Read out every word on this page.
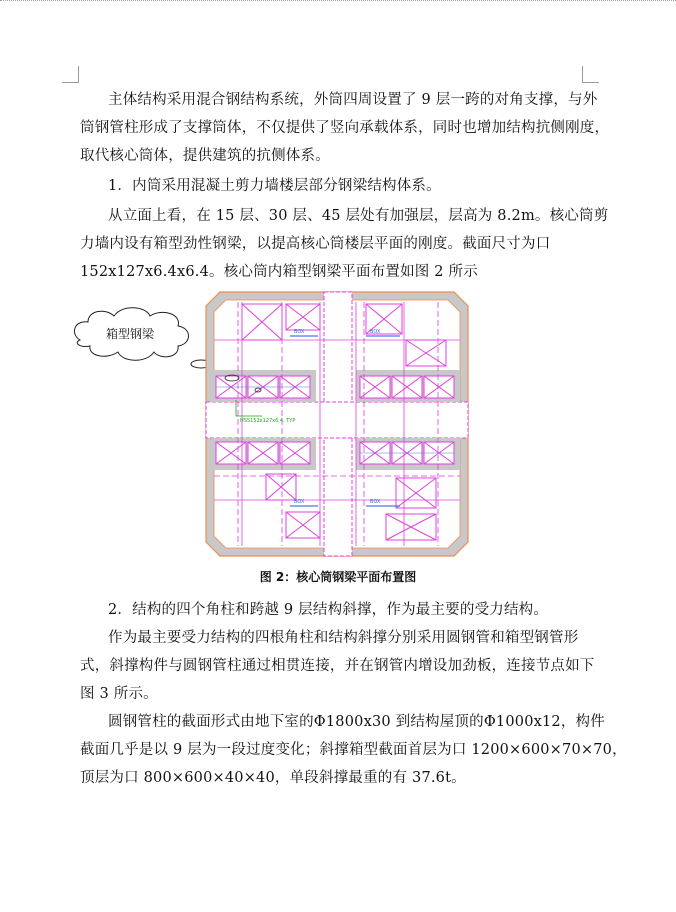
主体结构采用混合钢结构系统，外筒四周设置了 9 层一跨的对角支撑，与外
筒钢管柱形成了支撑筒体，不仅提供了竖向承载体系，同时也增加结构抗侧刚度，
取代核心筒体，提供建筑的抗侧体系。
1．内筒采用混凝土剪力墙楼层部分钢梁结构体系。
从立面上看，在 15 层、30 层、45 层处有加强层，层高为 8.2m。核心筒剪
力墙内设有箱型劲性钢梁，以提高核心筒楼层平面的刚度。截面尺寸为口
152x127x6.4x6.4。核心筒内箱型钢梁平面布置如图 2 所示
箱型钢梁	BOX	BOX
BOX	BOX
HSS152x127x6.4, TYP
图 2：核心筒钢梁平面布置图
2．结构的四个角柱和跨越 9 层结构斜撑，作为最主要的受力结构。
作为最主要受力结构的四根角柱和结构斜撑分别采用圆钢管和箱型钢管形
式，斜撑构件与圆钢管柱通过相贯连接，并在钢管内增设加劲板，连接节点如下
图 3 所示。
圆钢管柱的截面形式由地下室的Φ1800x30 到结构屋顶的Φ1000x12，构件
截面几乎是以 9 层为一段过度变化；斜撑箱型截面首层为口 1200×600×70×70，
顶层为口 800×600×40×40，单段斜撑最重的有 37.6t。
